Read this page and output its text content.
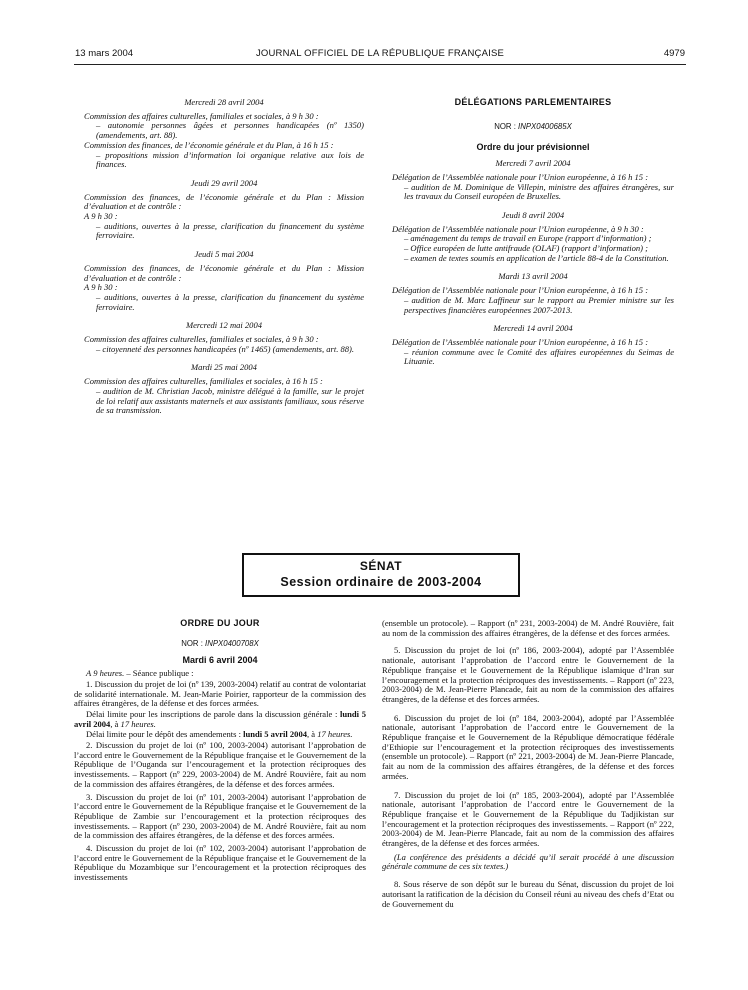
13 mars 2004	JOURNAL OFFICIEL DE LA RÉPUBLIQUE FRANÇAISE	4979

Mercredi 28 avril 2004

Commission des affaires culturelles, familiales et sociales, à 9 h 30 :

– autonomie personnes âgées et personnes handicapées (nº 1350) (amendements, art. 88).

Commission des finances, de l’économie générale et du Plan, à 16 h 15 :

– propositions mission d’information loi organique relative aux lois de finances.

Jeudi 29 avril 2004

Commission des finances, de l’économie générale et du Plan : Mission d’évaluation et de contrôle :

A 9 h 30 :

– auditions, ouvertes à la presse, clarification du financement du système ferroviaire.

Jeudi 5 mai 2004

Commission des finances, de l’économie générale et du Plan : Mission d’évaluation et de contrôle :

A 9 h 30 :

– auditions, ouvertes à la presse, clarification du financement du système ferroviaire.

Mercredi 12 mai 2004

Commission des affaires culturelles, familiales et sociales, à 9 h 30 :

– citoyenneté des personnes handicapées (nº 1465) (amendements, art. 88).

Mardi 25 mai 2004

Commission des affaires culturelles, familiales et sociales, à 16 h 15 :

– audition de M. Christian Jacob, ministre délégué à la famille, sur le projet de loi relatif aux assistants maternels et aux assistants familiaux, sous réserve de sa transmission.

DÉLÉGATIONS PARLEMENTAIRES

NOR : INPX0400685X

Ordre du jour prévisionnel

Mercredi 7 avril 2004

Délégation de l’Assemblée nationale pour l’Union européenne, à 16 h 15 :

– audition de M. Dominique de Villepin, ministre des affaires étrangères, sur les travaux du Conseil européen de Bruxelles.

Jeudi 8 avril 2004

Délégation de l’Assemblée nationale pour l’Union européenne, à 9 h 30 :

– aménagement du temps de travail en Europe (rapport d’information) ;

– Office européen de lutte antifraude (OLAF) (rapport d’information) ;

– examen de textes soumis en application de l’article 88-4 de la Constitution.

Mardi 13 avril 2004

Délégation de l’Assemblée nationale pour l’Union européenne, à 16 h 15 :

– audition de M. Marc Laffineur sur le rapport au Premier ministre sur les perspectives financières européennes 2007-2013.

Mercredi 14 avril 2004

Délégation de l’Assemblée nationale pour l’Union européenne, à 16 h 15 :

– réunion commune avec le Comité des affaires européennes du Seimas de Lituanie.

SÉNAT
Session ordinaire de 2003-2004

ORDRE DU JOUR

NOR : INPX0400708X

Mardi 6 avril 2004

A 9 heures. – Séance publique :

1. Discussion du projet de loi (nº 139, 2003-2004) relatif au contrat de volontariat de solidarité internationale. M. Jean-Marie Poirier, rapporteur de la commission des affaires étrangères, de la défense et des forces armées.

Délai limite pour les inscriptions de parole dans la discussion générale : lundi 5 avril 2004, à 17 heures.

Délai limite pour le dépôt des amendements : lundi 5 avril 2004, à 17 heures.

2. Discussion du projet de loi (nº 100, 2003-2004) autorisant l’approbation de l’accord entre le Gouvernement de la République française et le Gouvernement de la République de l’Ouganda sur l’encouragement et la protection réciproques des investissements. – Rapport (nº 229, 2003-2004) de M. André Rouvière, fait au nom de la commission des affaires étrangères, de la défense et des forces armées.

3. Discussion du projet de loi (nº 101, 2003-2004) autorisant l’approbation de l’accord entre le Gouvernement de la République française et le Gouvernement de la République de Zambie sur l’encouragement et la protection réciproques des investissements. – Rapport (nº 230, 2003-2004) de M. André Rouvière, fait au nom de la commission des affaires étrangères, de la défense et des forces armées.

4. Discussion du projet de loi (nº 102, 2003-2004) autorisant l’approbation de l’accord entre le Gouvernement de la République française et le Gouvernement de la République du Mozambique sur l’encouragement et la protection réciproques des investissements

(ensemble un protocole). – Rapport (nº 231, 2003-2004) de M. André Rouvière, fait au nom de la commission des affaires étrangères, de la défense et des forces armées.

5. Discussion du projet de loi (nº 186, 2003-2004), adopté par l’Assemblée nationale, autorisant l’approbation de l’accord entre le Gouvernement de la République française et le Gouvernement de la République islamique d’Iran sur l’encouragement et la protection réciproques des investissements. – Rapport (nº 223, 2003-2004) de M. Jean-Pierre Plancade, fait au nom de la commission des affaires étrangères, de la défense et des forces armées.

6. Discussion du projet de loi (nº 184, 2003-2004), adopté par l’Assemblée nationale, autorisant l’approbation de l’accord entre le Gouvernement de la République française et le Gouvernement de la République démocratique fédérale d’Ethiopie sur l’encouragement et la protection réciproques des investissements (ensemble un protocole). – Rapport (nº 221, 2003-2004) de M. Jean-Pierre Plancade, fait au nom de la commission des affaires étrangères, de la défense et des forces armées.

7. Discussion du projet de loi (nº 185, 2003-2004), adopté par l’Assemblée nationale, autorisant l’approbation de l’accord entre le Gouvernement de la République française et le Gouvernement de la République du Tadjikistan sur l’encouragement et la protection réciproques des investissements. – Rapport (nº 222, 2003-2004) de M. Jean-Pierre Plancade, fait au nom de la commission des affaires étrangères, de la défense et des forces armées.

(La conférence des présidents a décidé qu’il serait procédé à une discussion générale commune de ces six textes.)

8. Sous réserve de son dépôt sur le bureau du Sénat, discussion du projet de loi autorisant la ratification de la décision du Conseil réuni au niveau des chefs d’Etat ou de Gouvernement du
